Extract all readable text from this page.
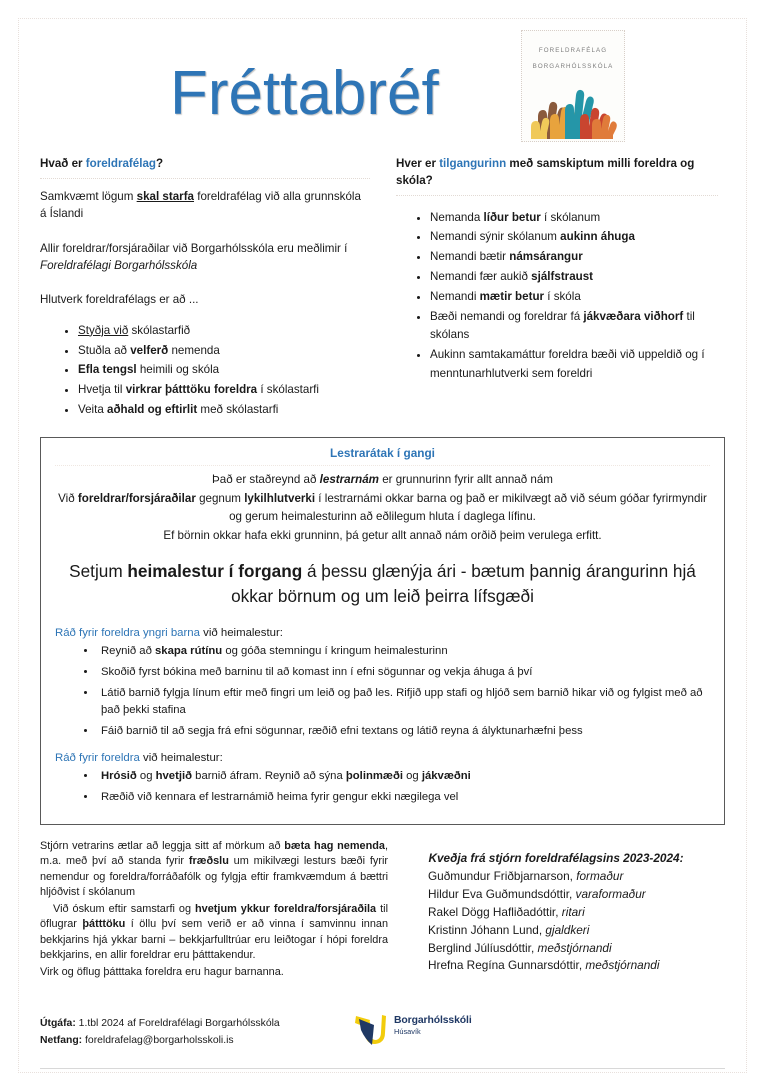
Fréttabréf
FORELDRAFÉLAG
BORGARHÓLSSKÓLA
Hvað er foreldrafélag?

Samkvæmt lögum skal starfa foreldrafélag við alla grunnskóla á Íslandi

Allir foreldrar/forsjáraðilar við Borgarhólsskóla eru meðlimir í Foreldrafélagi Borgarhólsskóla

Hlutverk foreldrafélags er að ...

• Styðja við skólastarfið
• Stuðla að velferð nemenda
• Efla tengsl heimili og skóla
• Hvetja til virkrar þátttöku foreldra í skólastarfi
• Veita aðhald og eftirlit með skólastarfi
Hver er tilgangurinn með samskiptum milli foreldra og skóla?
• Nemanda líður betur í skólanum
• Nemandi sýnir skólanum aukinn áhuga
• Nemandi bætir námsárangur
• Nemandi fær aukið sjálfstraust
• Nemandi mætir betur í skóla
• Bæði nemandi og foreldrar fá jákvæðara viðhorf til skólans
• Aukinn samtakamáttur foreldra bæði við uppeldið og í menntunarhlutverki sem foreldri
Lestrarátak í gangi

Það er staðreynd að lestrarnám er grunnurinn fyrir allt annað nám

Við foreldrar/forsjáraðilar gegnum lykilhlutverki í lestrarnámi okkar barna og það er mikilvægt að við séum góðar fyrirmyndir og gerum heimalesturinn að eðlilegum hluta í daglega lífinu.

Ef börnin okkar hafa ekki grunninn, þá getur allt annað nám orðið þeim verulega erfitt.

Setjum heimalestur í forgang á þessu glænýja ári - bætum þannig árangurinn hjá okkar börnum og um leið þeirra lífsgæði

Ráð fyrir foreldra yngri barna við heimalestur:

• Reynið að skapa rútínu og góða stemningu í kringum heimalesturinn
• Skoðið fyrst bókina með barninu til að komast inn í efni sögunnar og vekja áhuga á því
• Látið barnið fylgja línum eftir með fingri um leið og það les. Rifjið upp stafi og hljóð sem barnið hikar við og fylgist með að það þekki stafina
• Fáið barnið til að segja frá efni sögunnar, ræðið efni textans og látið reyna á ályktunarhæfni þess

Ráð fyrir foreldra við heimalestur:

• Hrósið og hvetjið barnið áfram. Reynið að sýna þolinmæði og jákvæðni
• Ræðið við kennara ef lestrarnámið heima fyrir gengur ekki nægilega vel

Stjórn vetrarins ætlar að leggja sitt af mörkum að bæta hag nemenda, m.a. með því að standa fyrir fræðslu um mikilvægi lesturs bæði fyrir nemendur og foreldra/forráðafólk og fylgja eftir framkvæmdum á bættri hljóðvist í skólanum

Við óskum eftir samstarfi og hvetjum ykkur foreldra/forsjáraðila til öflugrar þátttöku í öllu því sem verið er að vinna í samvinnu innan bekkjarins hjá ykkar barni – bekkjarfulltrúar eru leiðtogar í hópi foreldra bekkjarins, en allir foreldrar eru þátttakendur.

Virk og öflug þátttaka foreldra eru hagur barnanna.

Kveðja frá stjórn foreldrafélagsins 2023-2024:
Guðmundur Friðbjarnarson, formaður
Hildur Eva Guðmundsdóttir, varaformaður
Rakel Dögg Hafliðadóttir, ritari
Kristinn Jóhann Lund, gjaldkeri
Berglind Júlíusdóttir, meðstjórnandi
Hrefna Regína Gunnarsdóttir, meðstjórnandi
Útgáfa: 1.tbl 2024 af Foreldrafélagi Borgarhólsskóla
Netfang: foreldrafelag@borgarholsskoli.is
Borgarhólsskóli
Húsavík
